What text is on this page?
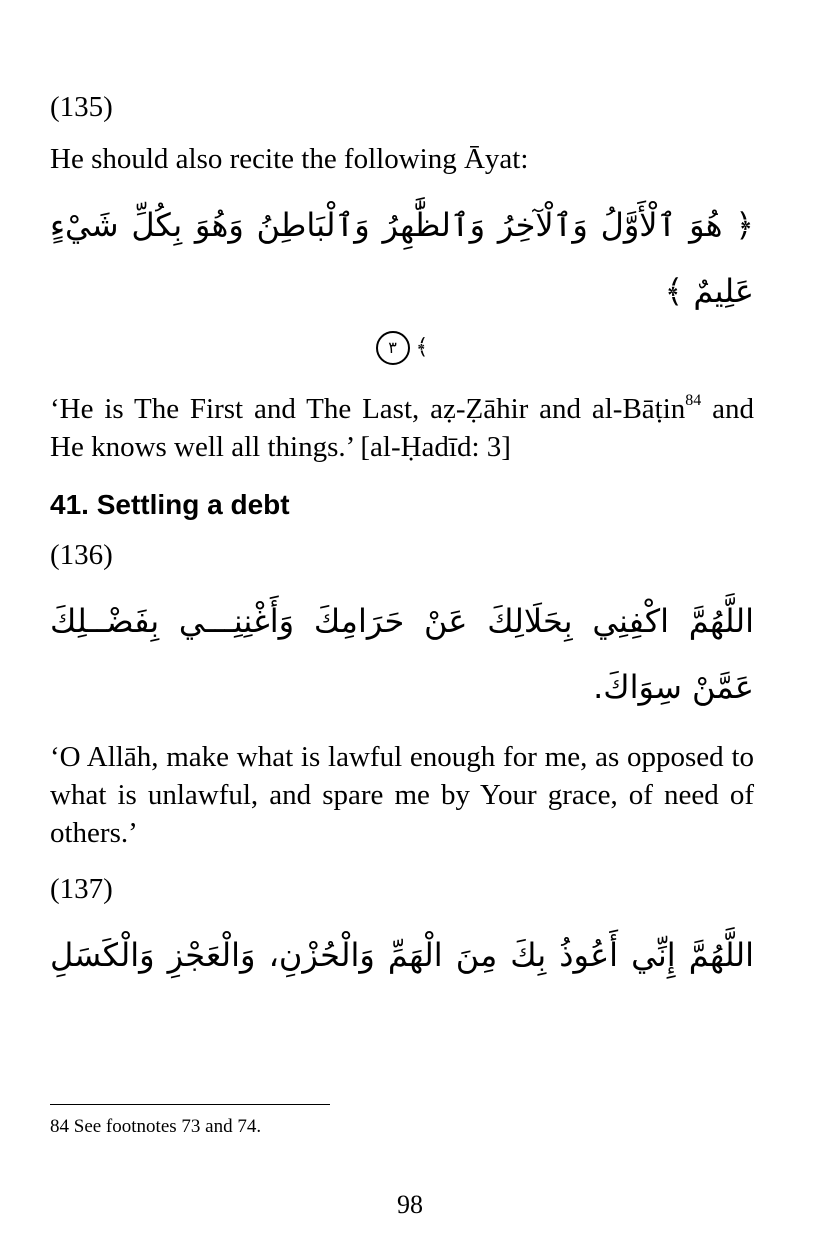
(135)

He should also recite the following Āyat:

﴿ هُوَ ٱلْأَوَّلُ وَٱلْآخِرُ وَٱلظَّٰهِرُ وَٱلْبَاطِنُ وَهُوَ بِكُلِّ شَيْءٍ عَلِيمٌ ﴾

٣ ﴾

‘He is The First and The Last, aẓ-Ẓāhir and al-Bāṭin$^{84}$ and He knows well all things.’ [al-Ḥadīd: 3]

41. Settling a debt

(136)

اللَّهُمَّ اكْفِنِي بِحَلَالِكَ عَنْ حَرَامِكَ وَأَغْنِنِـــي بِفَضْــلِكَ

عَمَّنْ سِوَاكَ.

‘O Allāh, make what is lawful enough for me, as opposed to what is unlawful, and spare me by Your grace, of need of others.’

(137)

اللَّهُمَّ إِنِّي أَعُوذُ بِكَ مِنَ الْهَمِّ وَالْحُزْنِ، وَالْعَجْزِ وَالْكَسَلِ

84 See footnotes 73 and 74.
98
